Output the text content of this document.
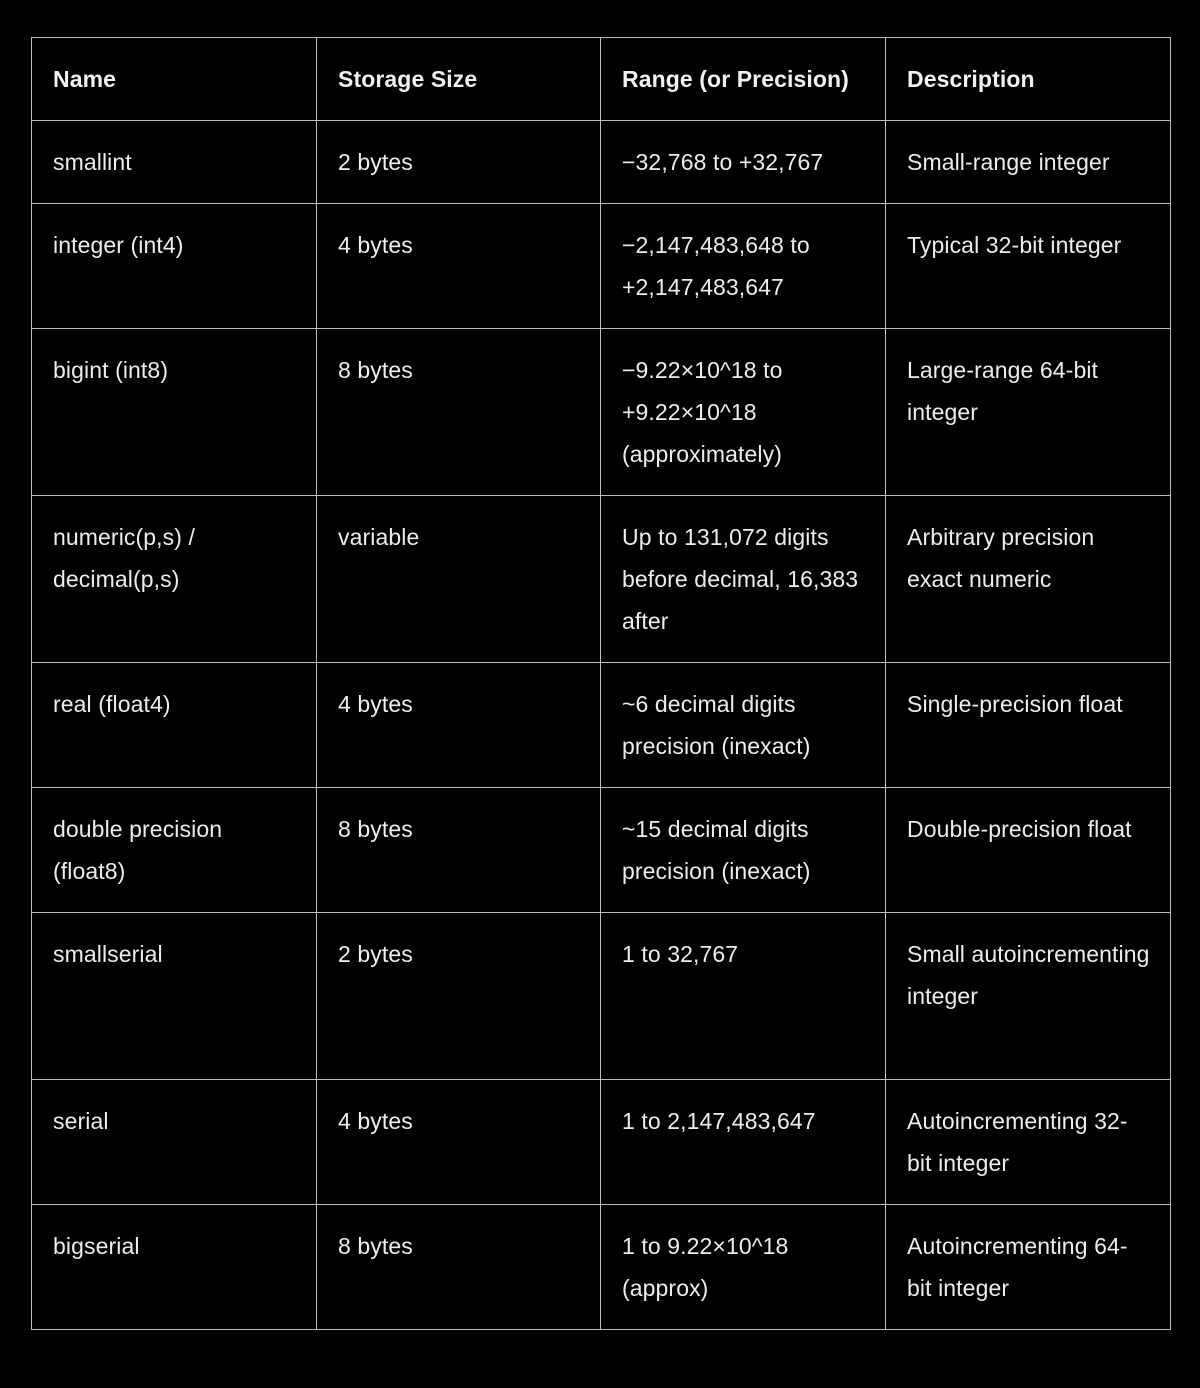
Name	Storage Size	Range (or Precision)	Description
smallint	2 bytes	−32,768 to +32,767	Small-range integer
integer (int4)	4 bytes	−2,147,483,648 to +2,147,483,647	Typical 32-bit integer
bigint (int8)	8 bytes	−9.22×10^18 to +9.22×10^18 (approximately)	Large-range 64-bit integer
numeric(p,s) / decimal(p,s)	variable	Up to 131,072 digits before decimal, 16,383 after	Arbitrary precision exact numeric
real (float4)	4 bytes	~6 decimal digits precision (inexact)	Single-precision float
double precision (float8)	8 bytes	~15 decimal digits precision (inexact)	Double-precision float
smallserial	2 bytes	1 to 32,767	Small autoincrementing integer
serial	4 bytes	1 to 2,147,483,647	Autoincrementing 32-bit integer
bigserial	8 bytes	1 to 9.22×10^18 (approx)	Autoincrementing 64-bit integer
